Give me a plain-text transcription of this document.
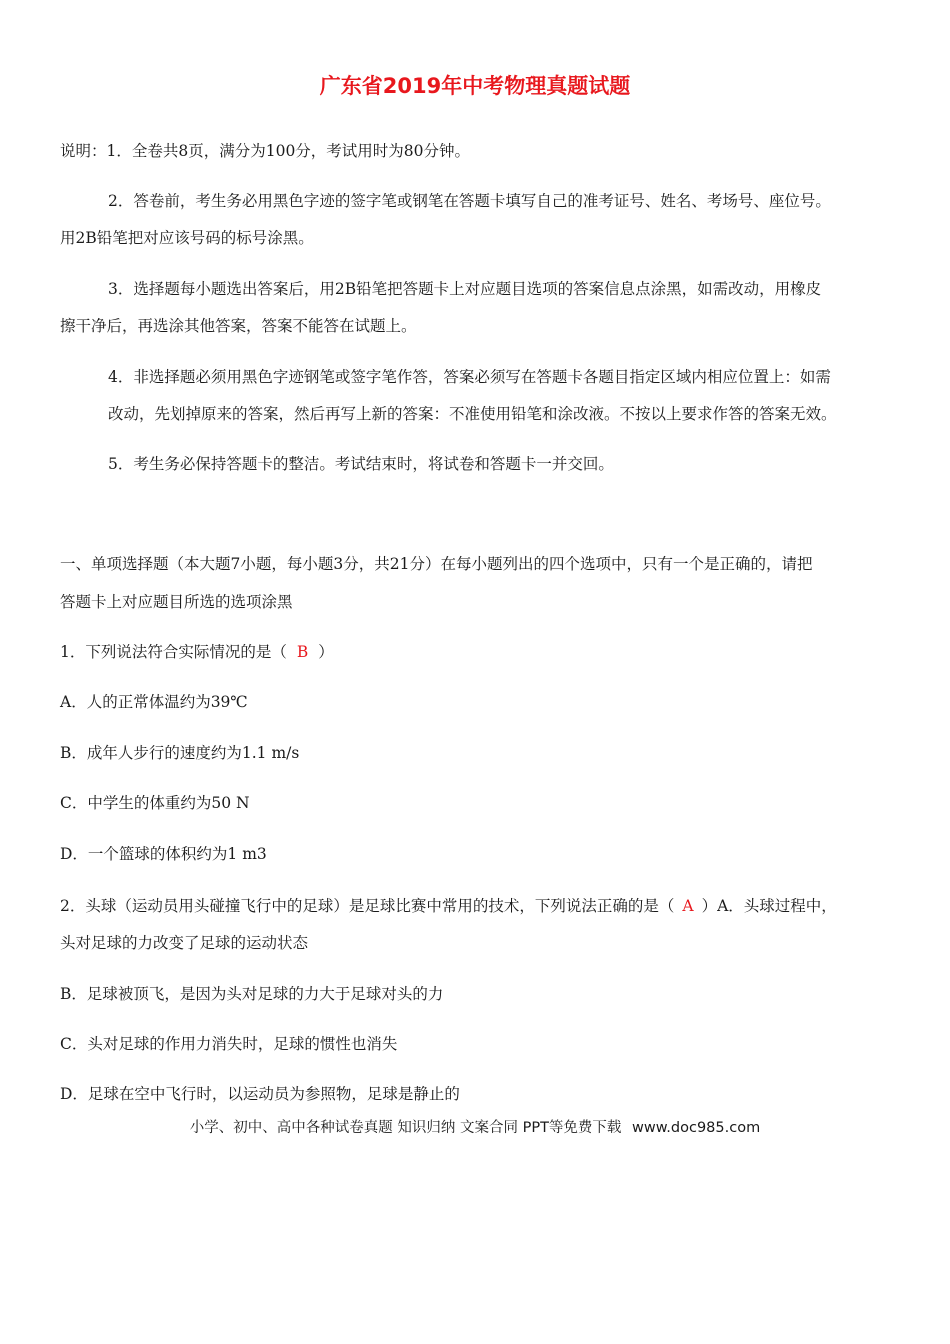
广东省2019年中考物理真题试题
说明：1．全卷共8页，满分为100分，考试用时为80分钟。
2．答卷前，考生务必用黑色字迹的签字笔或钢笔在答题卡填写自己的准考证号、姓名、考场号、座位号。
用2B铅笔把对应该号码的标号涂黑。
3．选择题每小题选出答案后，用2B铅笔把答题卡上对应题目选项的答案信息点涂黑，如需改动，用橡皮
擦干净后，再选涂其他答案，答案不能答在试题上。
4．非选择题必须用黑色字迹钢笔或签字笔作答，答案必须写在答题卡各题目指定区域内相应位置上：如需
改动，先划掉原来的答案，然后再写上新的答案：不准使用铅笔和涂改液。不按以上要求作答的答案无效。
5．考生务必保持答题卡的整洁。考试结束时，将试卷和答题卡一并交回。
一、单项选择题（本大题7小题，每小题3分，共21分）在每小题列出的四个选项中，只有一个是正确的，请把
答题卡上对应题目所选的选项涂黑
1．下列说法符合实际情况的是（ B ）
A．人的正常体温约为39℃
B．成年人步行的速度约为1.1 m/s
C．中学生的体重约为50 N
D．一个篮球的体积约为1 m3
2．头球（运动员用头碰撞飞行中的足球）是足球比赛中常用的技术，下列说法正确的是（ A ）A．头球过程中，
头对足球的力改变了足球的运动状态
B．足球被顶飞，是因为头对足球的力大于足球对头的力
C．头对足球的作用力消失时，足球的惯性也消失
D．足球在空中飞行时，以运动员为参照物，足球是静止的
小学、初中、高中各种试卷真题 知识归纳 文案合同 PPT等免费下载 www.doc985.com
